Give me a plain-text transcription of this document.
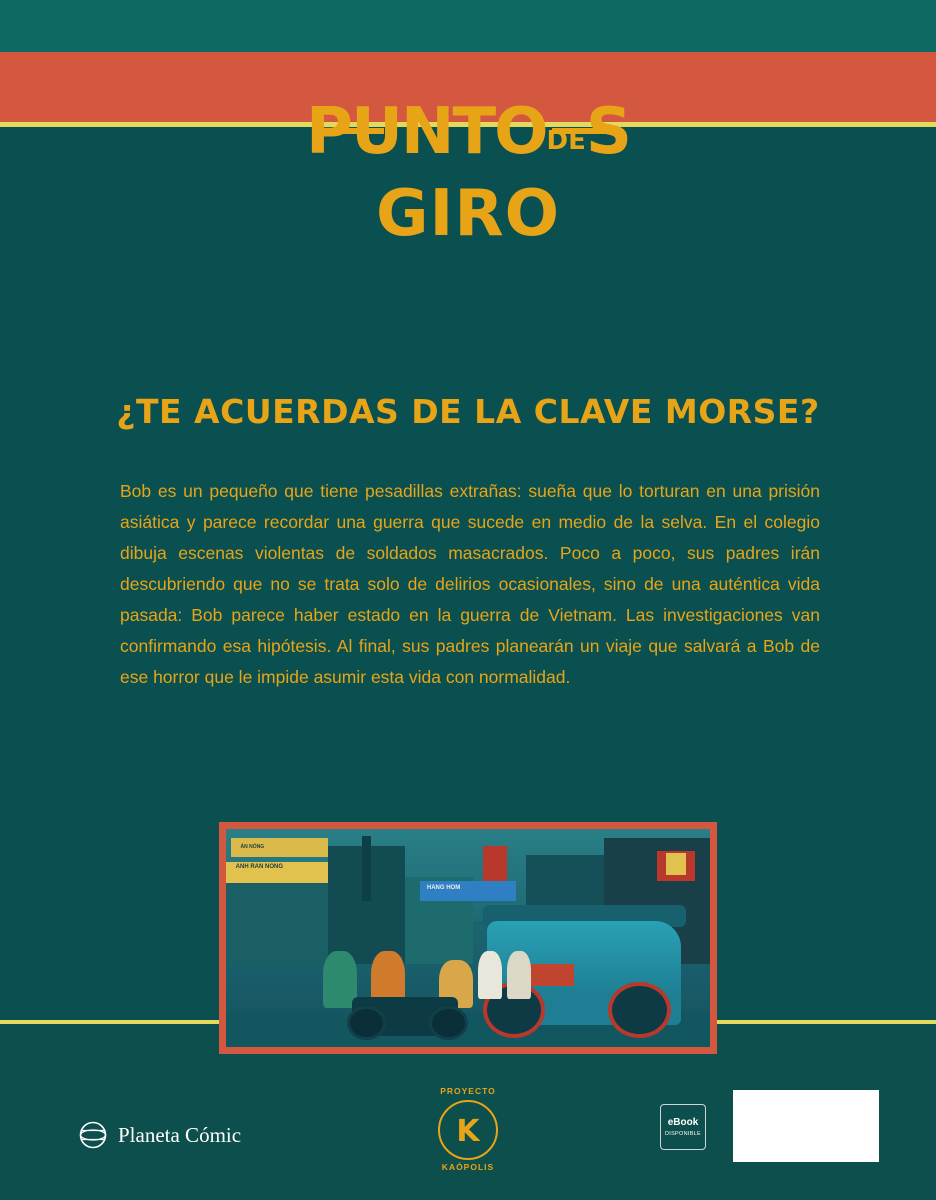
PUNTODES
GIRO
¿TE ACUERDAS DE LA CLAVE MORSE?
Bob es un pequeño que tiene pesadillas extrañas: sueña que lo torturan en una prisión asiática y parece recordar una guerra que sucede en medio de la selva. En el colegio dibuja escenas violentas de soldados masacrados. Poco a poco, sus padres irán descubriendo que no se trata solo de delirios ocasionales, sino de una auténtica vida pasada: Bob parece haber estado en la guerra de Vietnam. Las investigaciones van confirmando esa hipótesis. Al final, sus padres planearán un viaje que salvará a Bob de ese horror que le impide asumir esta vida con normalidad.
ÀN NÓNG
ANH RAN NONG
HANG HOM
Planeta Cómic
PROYECTO
K
KAÓPOLIS
eBook
DISPONIBLE
